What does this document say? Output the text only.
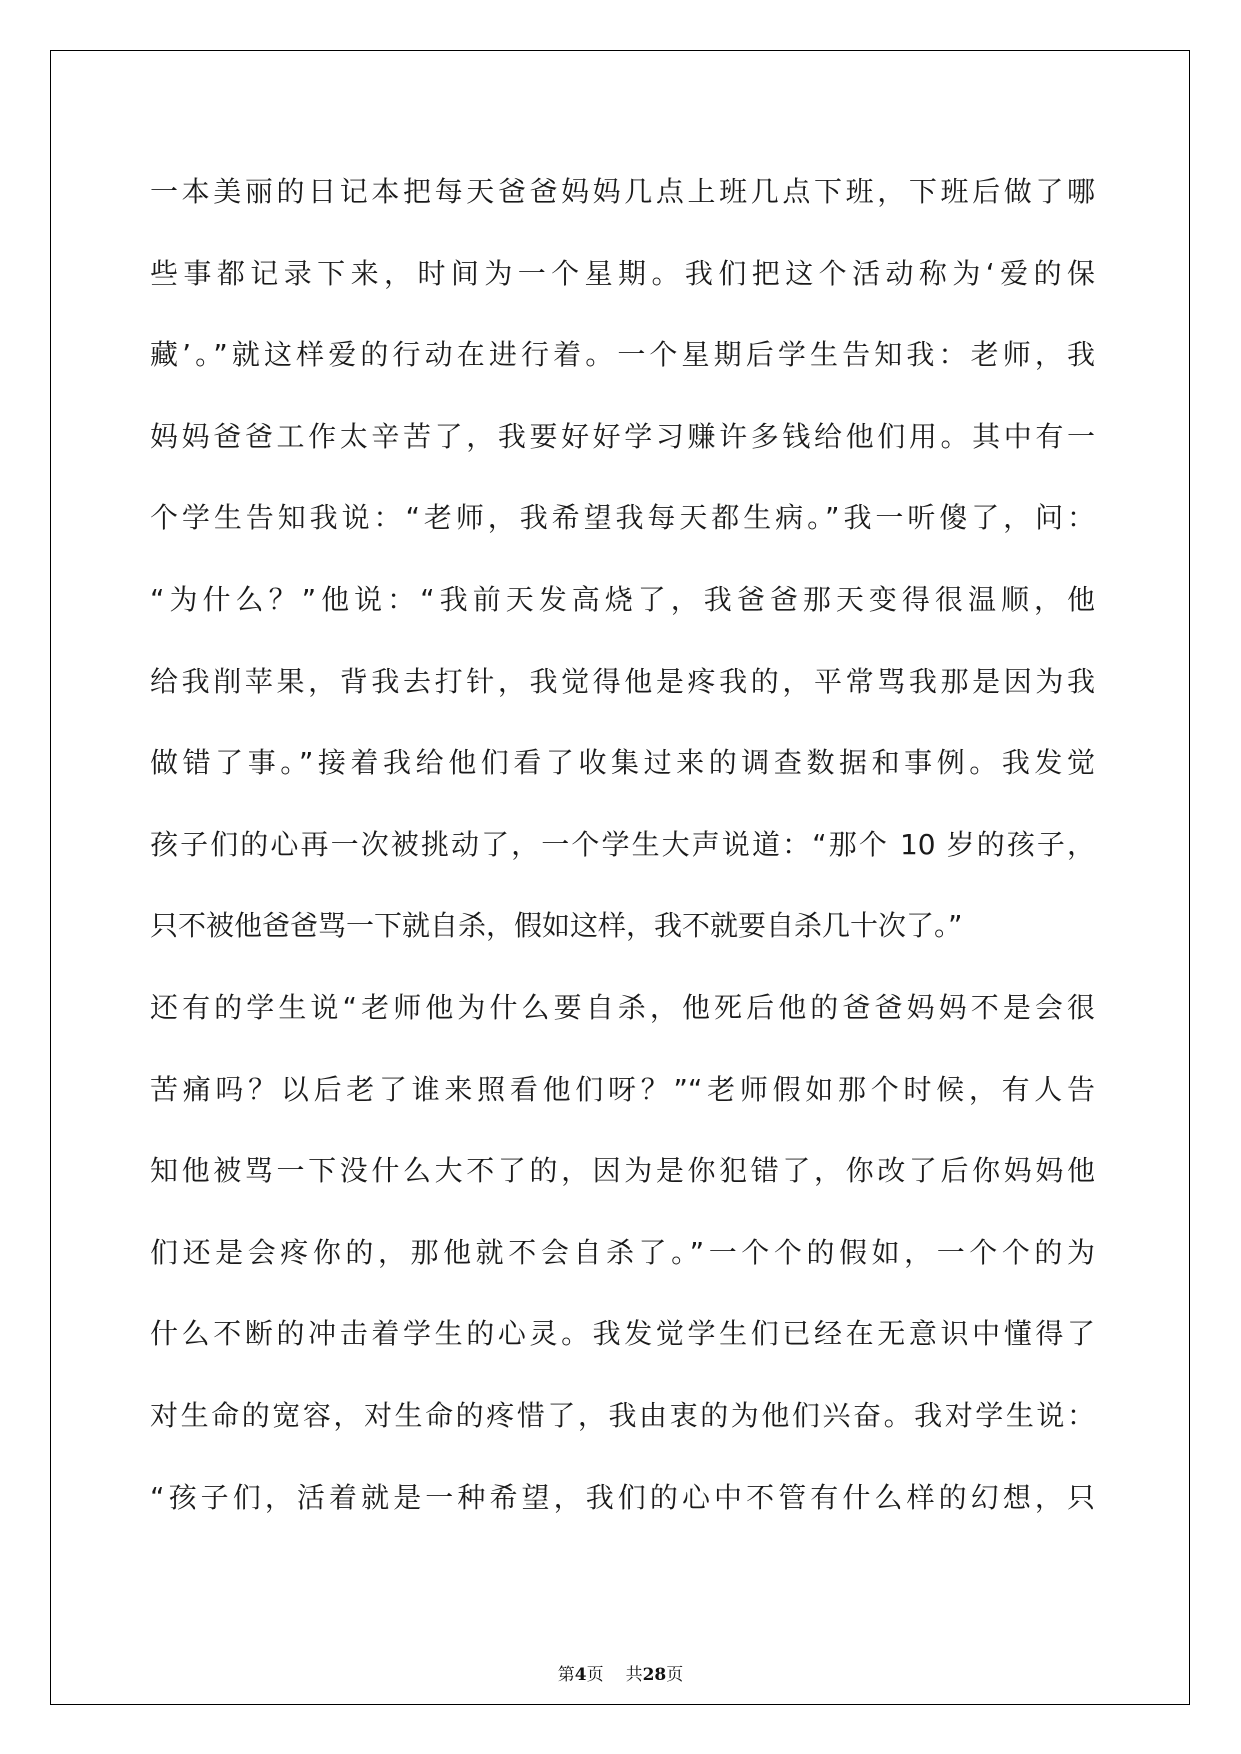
一本美丽的日记本把每天爸爸妈妈几点上班几点下班，下班后做了哪
些事都记录下来，时间为一个星期。我们把这个活动称为‘爱的保
藏’。”就这样爱的行动在进行着。一个星期后学生告知我：老师，我
妈妈爸爸工作太辛苦了，我要好好学习赚许多钱给他们用。其中有一
个学生告知我说：“老师，我希望我每天都生病。”我一听傻了，问：
“为什么？”他说：“我前天发高烧了，我爸爸那天变得很温顺，他
给我削苹果，背我去打针，我觉得他是疼我的，平常骂我那是因为我
做错了事。”接着我给他们看了收集过来的调查数据和事例。我发觉
孩子们的心再一次被挑动了，一个学生大声说道：“那个 10 岁的孩子，
只不被他爸爸骂一下就自杀，假如这样，我不就要自杀几十次了。”
还有的学生说“老师他为什么要自杀，他死后他的爸爸妈妈不是会很
苦痛吗？以后老了谁来照看他们呀？”“老师假如那个时候，有人告
知他被骂一下没什么大不了的，因为是你犯错了，你改了后你妈妈他
们还是会疼你的，那他就不会自杀了。”一个个的假如，一个个的为
什么不断的冲击着学生的心灵。我发觉学生们已经在无意识中懂得了
对生命的宽容，对生命的疼惜了，我由衷的为他们兴奋。我对学生说：
“孩子们，活着就是一种希望，我们的心中不管有什么样的幻想，只
第4页 共28页
